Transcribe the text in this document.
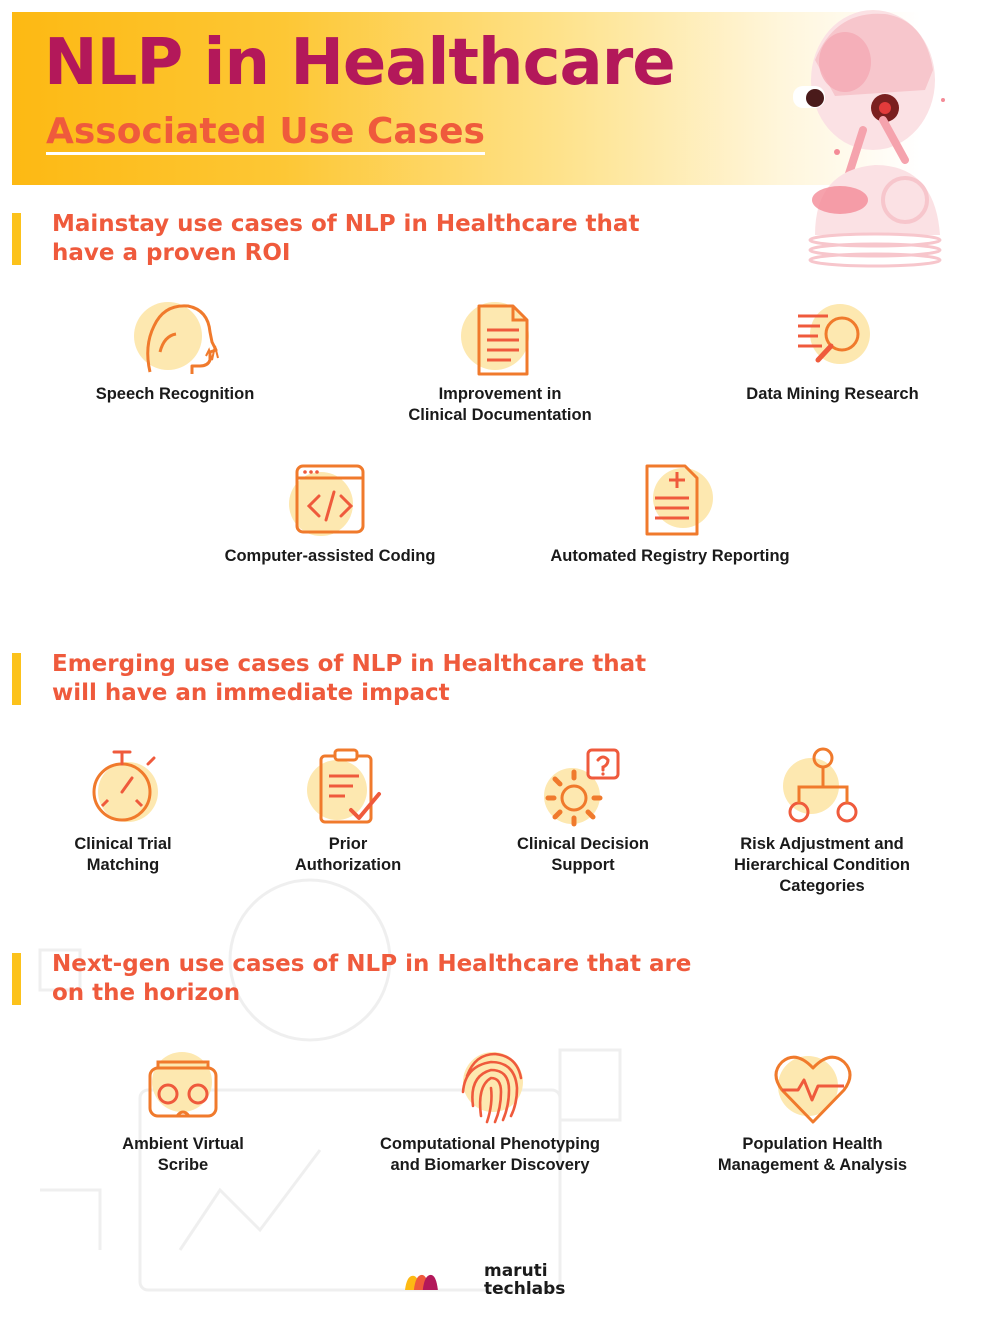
NLP in Healthcare
Associated Use Cases
Mainstay use cases of NLP in Healthcare that have a proven ROI
Speech Recognition	Improvement in
Clinical Documentation
Data Mining Research
Computer-assisted Coding	Automated Registry Reporting
Emerging use cases of NLP in Healthcare that will have an immediate impact
Clinical Trial
Matching
Prior
Authorization
Clinical Decision
Support
Risk Adjustment and
Hierarchical Condition
Categories
Next-gen use cases of NLP in Healthcare that are on the horizon
Ambient Virtual
Scribe
Computational Phenotyping
and Biomarker Discovery
Population Health
Management & Analysis
maruti
techlabs
